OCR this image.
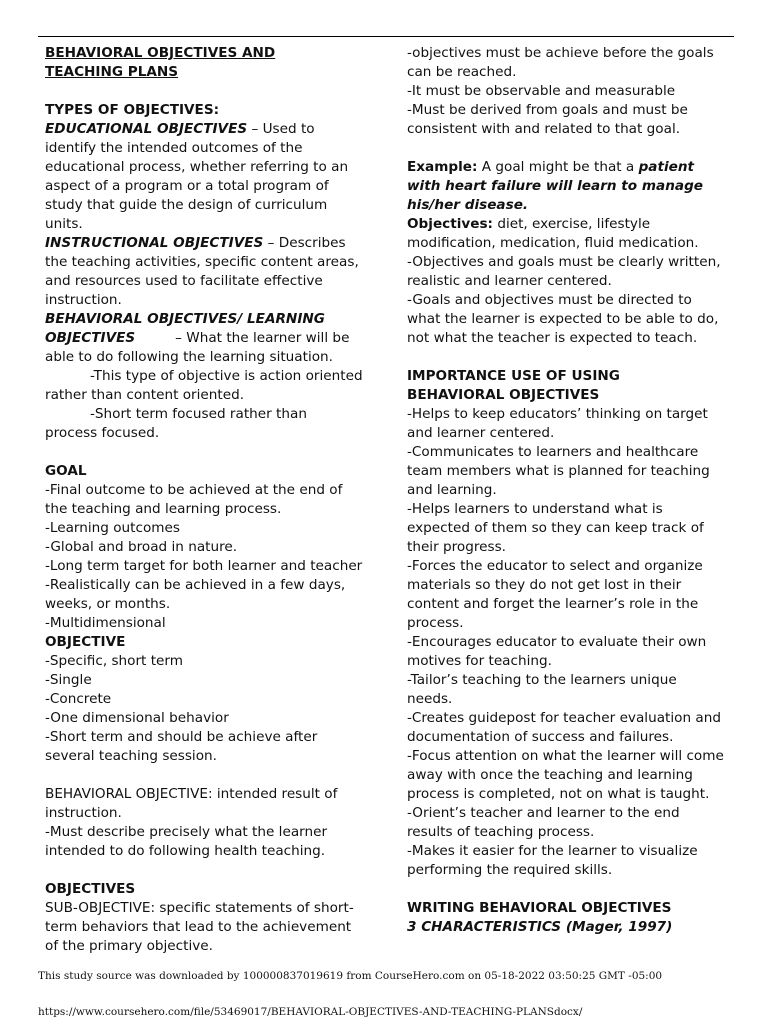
BEHAVIORAL OBJECTIVES AND
TEACHING PLANS

TYPES OF OBJECTIVES:

EDUCATIONAL OBJECTIVES – Used to identify the intended outcomes of the educational process, whether referring to an aspect of a program or a total program of study that guide the design of curriculum units.

INSTRUCTIONAL OBJECTIVES – Describes the teaching activities, specific content areas, and resources used to facilitate effective instruction.

BEHAVIORAL OBJECTIVES/ LEARNING OBJECTIVES	– What the learner will be able to do following the learning situation.

-This type of objective is action oriented rather than content oriented.

-Short term focused rather than process focused.

GOAL

-Final outcome to be achieved at the end of the teaching and learning process.

-Learning outcomes

-Global and broad in nature.

-Long term target for both learner and teacher

-Realistically can be achieved in a few days, weeks, or months.

-Multidimensional

OBJECTIVE

-Specific, short term

-Single

-Concrete

-One dimensional behavior

-Short term and should be achieve after several teaching session.

BEHAVIORAL OBJECTIVE: intended result of instruction.

-Must describe precisely what the learner intended to do following health teaching.

OBJECTIVES

SUB-OBJECTIVE: specific statements of short-term behaviors that lead to the achievement of the primary objective.

-objectives must be achieve before the goals can be reached.

-It must be observable and measurable

-Must be derived from goals and must be consistent with and related to that goal.

Example: A goal might be that a patient with heart failure will learn to manage his/her disease.

Objectives: diet, exercise, lifestyle modification, medication, fluid medication.

-Objectives and goals must be clearly written, realistic and learner centered.

-Goals and objectives must be directed to what the learner is expected to be able to do, not what the teacher is expected to teach.

IMPORTANCE USE OF USING
BEHAVIORAL OBJECTIVES

-Helps to keep educators’ thinking on target and learner centered.

-Communicates to learners and healthcare team members what is planned for teaching and learning.

-Helps learners to understand what is expected of them so they can keep track of their progress.

-Forces the educator to select and organize materials so they do not get lost in their content and forget the learner’s role in the process.

-Encourages educator to evaluate their own motives for teaching.

-Tailor’s teaching to the learners unique needs.

-Creates guidepost for teacher evaluation and documentation of success and failures.

-Focus attention on what the learner will come away with once the teaching and learning process is completed, not on what is taught.

-Orient’s teacher and learner to the end results of teaching process.

-Makes it easier for the learner to visualize performing the required skills.

WRITING BEHAVIORAL OBJECTIVES

3 CHARACTERISTICS (Mager, 1997)

This study source was downloaded by 100000837019619 from CourseHero.com on 05-18-2022 03:50:25 GMT -05:00
https://www.coursehero.com/file/53469017/BEHAVIORAL-OBJECTIVES-AND-TEACHING-PLANSdocx/
